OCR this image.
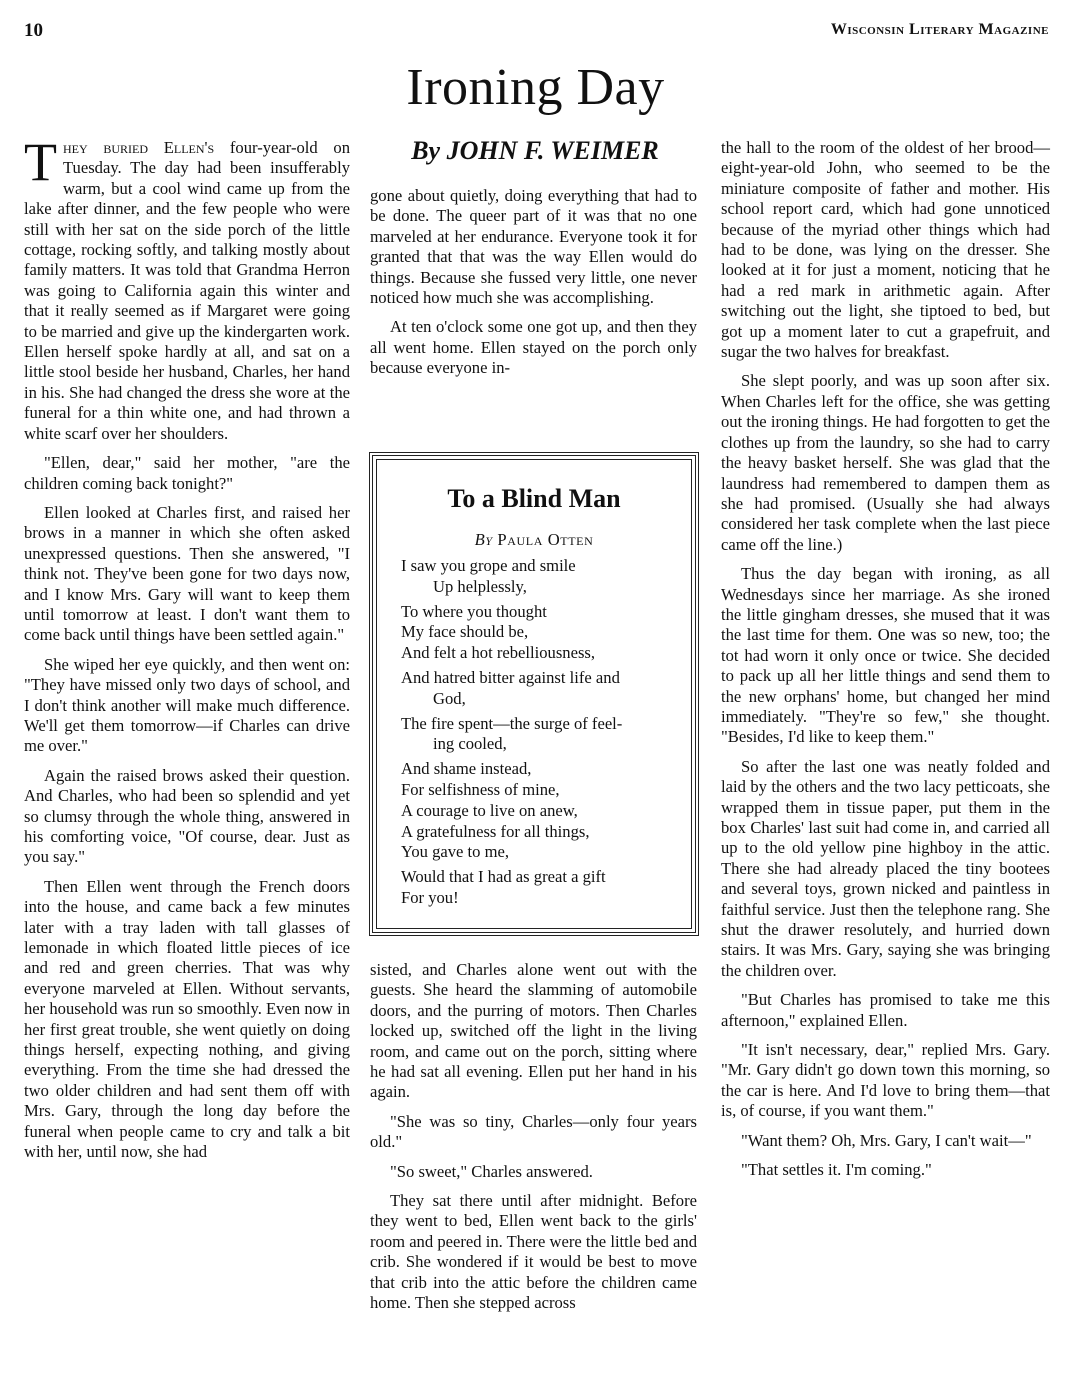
10	Wisconsin Literary Magazine
Ironing Day
By JOHN F. WEIMER

They buried Ellen's four-year-old on Tuesday. The day had been insufferably warm, but a cool wind came up from the lake after dinner, and the few people who were still with her sat on the side porch of the little cottage, rocking softly, and talking mostly about family matters. It was told that Grandma Herron was going to California again this winter and that it really seemed as if Margaret were going to be married and give up the kindergarten work. Ellen herself spoke hardly at all, and sat on a little stool beside her husband, Charles, her hand in his. She had changed the dress she wore at the funeral for a thin white one, and had thrown a white scarf over her shoulders.

"Ellen, dear," said her mother, "are the children coming back tonight?"

Ellen looked at Charles first, and raised her brows in a manner in which she often asked unexpressed questions. Then she answered, "I think not. They've been gone for two days now, and I know Mrs. Gary will want to keep them until tomorrow at least. I don't want them to come back until things have been settled again."

She wiped her eye quickly, and then went on: "They have missed only two days of school, and I don't think another will make much difference. We'll get them tomorrow—if Charles can drive me over."

Again the raised brows asked their question. And Charles, who had been so splendid and yet so clumsy through the whole thing, answered in his comforting voice, "Of course, dear. Just as you say."

Then Ellen went through the French doors into the house, and came back a few minutes later with a tray laden with tall glasses of lemonade in which floated little pieces of ice and red and green cherries. That was why everyone marveled at Ellen. Without servants, her household was run so smoothly. Even now in her first great trouble, she went quietly on doing things herself, expecting nothing, and giving everything. From the time she had dressed the two older children and had sent them off with Mrs. Gary, through the long day before the funeral when people came to cry and talk a bit with her, until now, she had

gone about quietly, doing everything that had to be done. The queer part of it was that no one marveled at her endurance. Everyone took it for granted that that was the way Ellen would do things. Because she fussed very little, one never noticed how much she was accomplishing.

At ten o'clock some one got up, and then they all went home. Ellen stayed on the porch only because everyone in-

To a Blind Man
By Paula Otten
I saw you grope and smile
Up helplessly,
To where you thought
My face should be,
And felt a hot rebelliousness,
And hatred bitter against life and
God,
The fire spent—the surge of feel-
ing cooled,
And shame instead,
For selfishness of mine,
A courage to live on anew,
A gratefulness for all things,
You gave to me,
Would that I had as great a gift
For you!

sisted, and Charles alone went out with the guests. She heard the slamming of automobile doors, and the purring of motors. Then Charles locked up, switched off the light in the living room, and came out on the porch, sitting where he had sat all evening. Ellen put her hand in his again.

"She was so tiny, Charles—only four years old."

"So sweet," Charles answered.

They sat there until after midnight. Before they went to bed, Ellen went back to the girls' room and peered in. There were the little bed and crib. She wondered if it would be best to move that crib into the attic before the children came home. Then she stepped across

the hall to the room of the oldest of her brood—eight-year-old John, who seemed to be the miniature composite of father and mother. His school report card, which had gone unnoticed because of the myriad other things which had had to be done, was lying on the dresser. She looked at it for just a moment, noticing that he had a red mark in arithmetic again. After switching out the light, she tiptoed to bed, but got up a moment later to cut a grapefruit, and sugar the two halves for breakfast.

She slept poorly, and was up soon after six. When Charles left for the office, she was getting out the ironing things. He had forgotten to get the clothes up from the laundry, so she had to carry the heavy basket herself. She was glad that the laundress had remembered to dampen them as she had promised. (Usually she had always considered her task complete when the last piece came off the line.)

Thus the day began with ironing, as all Wednesdays since her marriage. As she ironed the little gingham dresses, she mused that it was the last time for them. One was so new, too; the tot had worn it only once or twice. She decided to pack up all her little things and send them to the new orphans' home, but changed her mind immediately. "They're so few," she thought. "Besides, I'd like to keep them."

So after the last one was neatly folded and laid by the others and the two lacy petticoats, she wrapped them in tissue paper, put them in the box Charles' last suit had come in, and carried all up to the old yellow pine highboy in the attic. There she had already placed the tiny bootees and several toys, grown nicked and paintless in faithful service. Just then the telephone rang. She shut the drawer resolutely, and hurried down stairs. It was Mrs. Gary, saying she was bringing the children over.

"But Charles has promised to take me this afternoon," explained Ellen.

"It isn't necessary, dear," replied Mrs. Gary. "Mr. Gary didn't go down town this morning, so the car is here. And I'd love to bring them—that is, of course, if you want them."

"Want them? Oh, Mrs. Gary, I can't wait—"

"That settles it. I'm coming."
